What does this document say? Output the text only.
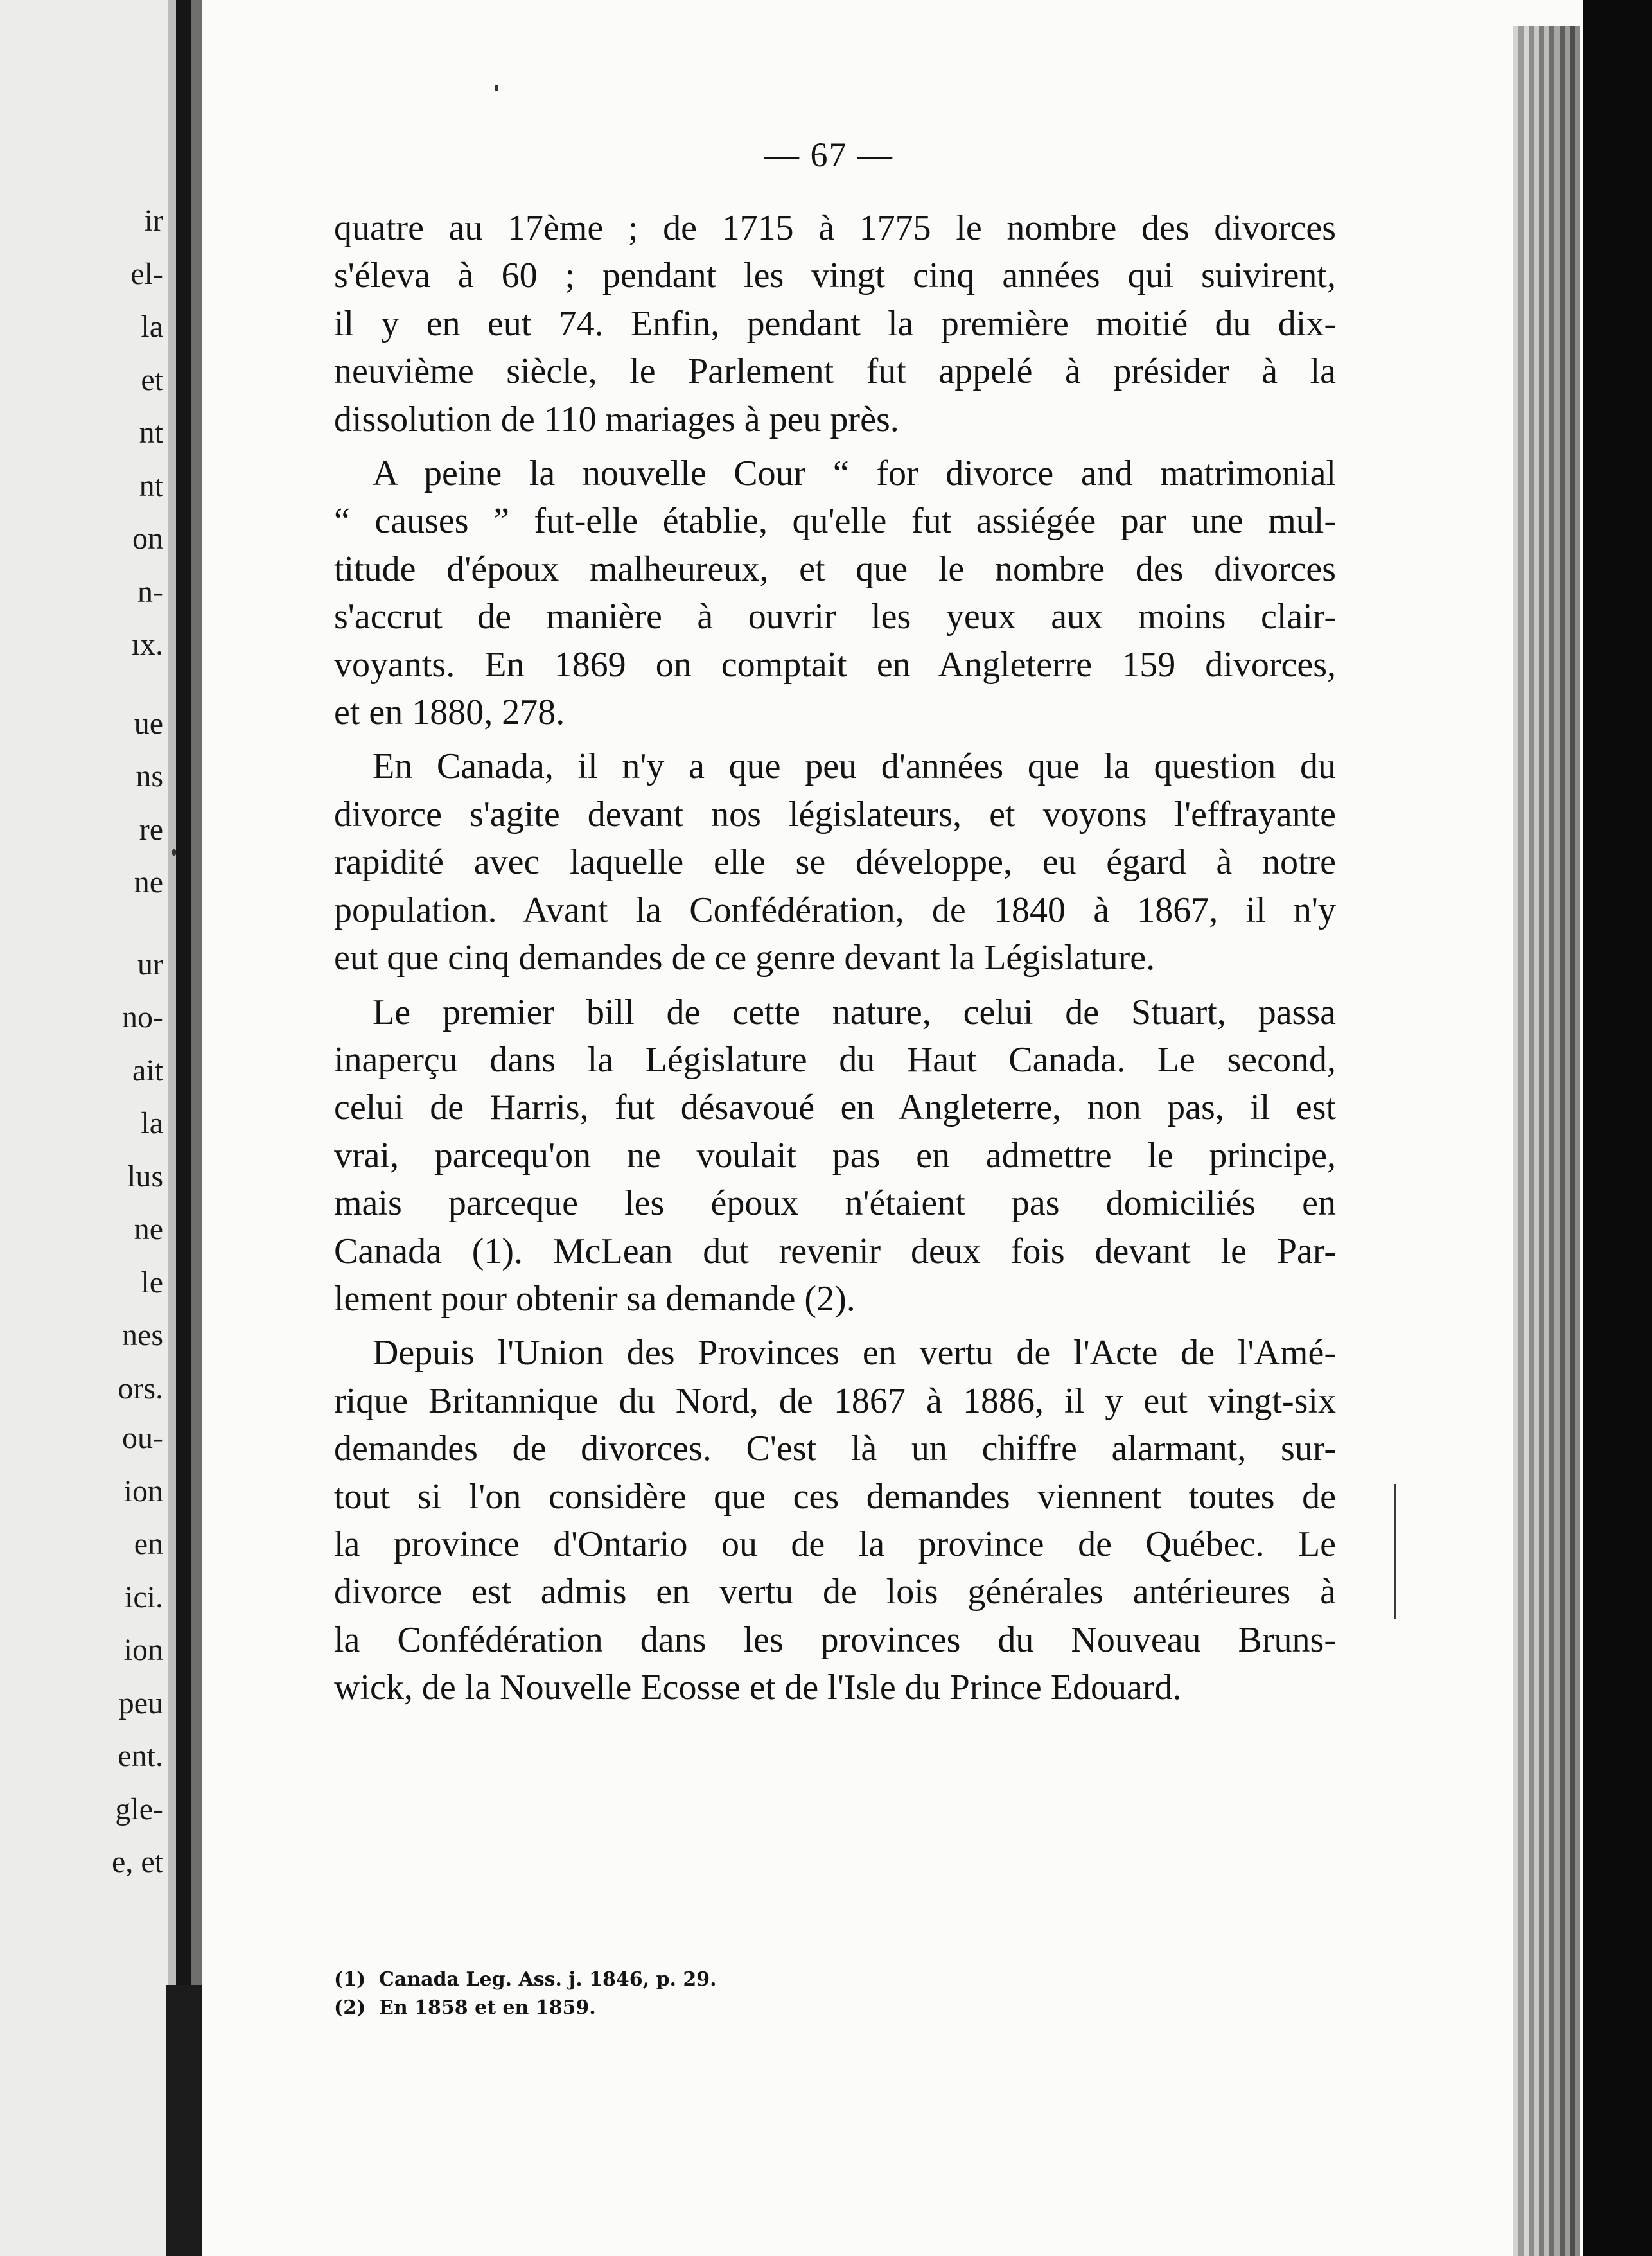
ir
el-
la
et
nt
nt
on
n-
ıx.
ue
ns
re
ne
ur
no-
ait
la
lus
ne
le
nes
ors.
ou-
ion
en
ici.
ion
peu
ent.
gle-
e, et
— 67 —

quatre au 17ème ; de 1715 à 1775 le nombre des divorces
s'éleva à 60 ; pendant les vingt cinq années qui suivirent,
il y en eut 74. Enfin, pendant la première moitié du dix-
neuvième siècle, le Parlement fut appelé à présider à la
dissolution de 110 mariages à peu près.

A peine la nouvelle Cour “ for divorce and matrimonial
“ causes ” fut-elle établie, qu'elle fut assiégée par une mul-
titude d'époux malheureux, et que le nombre des divorces
s'accrut de manière à ouvrir les yeux aux moins clair-
voyants. En 1869 on comptait en Angleterre 159 divorces,
et en 1880, 278.

En Canada, il n'y a que peu d'années que la question du
divorce s'agite devant nos législateurs, et voyons l'effrayante
rapidité avec laquelle elle se développe, eu égard à notre
population. Avant la Confédération, de 1840 à 1867, il n'y
eut que cinq demandes de ce genre devant la Législature.

Le premier bill de cette nature, celui de Stuart, passa
inaperçu dans la Législature du Haut Canada. Le second,
celui de Harris, fut désavoué en Angleterre, non pas, il est
vrai, parcequ'on ne voulait pas en admettre le principe,
mais parceque les époux n'étaient pas domiciliés en
Canada (1). McLean dut revenir deux fois devant le Par-
lement pour obtenir sa demande (2).

Depuis l'Union des Provinces en vertu de l'Acte de l'Amé-
rique Britannique du Nord, de 1867 à 1886, il y eut vingt-six
demandes de divorces. C'est là un chiffre alarmant, sur-
tout si l'on considère que ces demandes viennent toutes de
la province d'Ontario ou de la province de Québec. Le
divorce est admis en vertu de lois générales antérieures à
la Confédération dans les provinces du Nouveau Bruns-
wick, de la Nouvelle Ecosse et de l'Isle du Prince Edouard.

(1) Canada Leg. Ass. j. 1846, p. 29.
(2) En 1858 et en 1859.
